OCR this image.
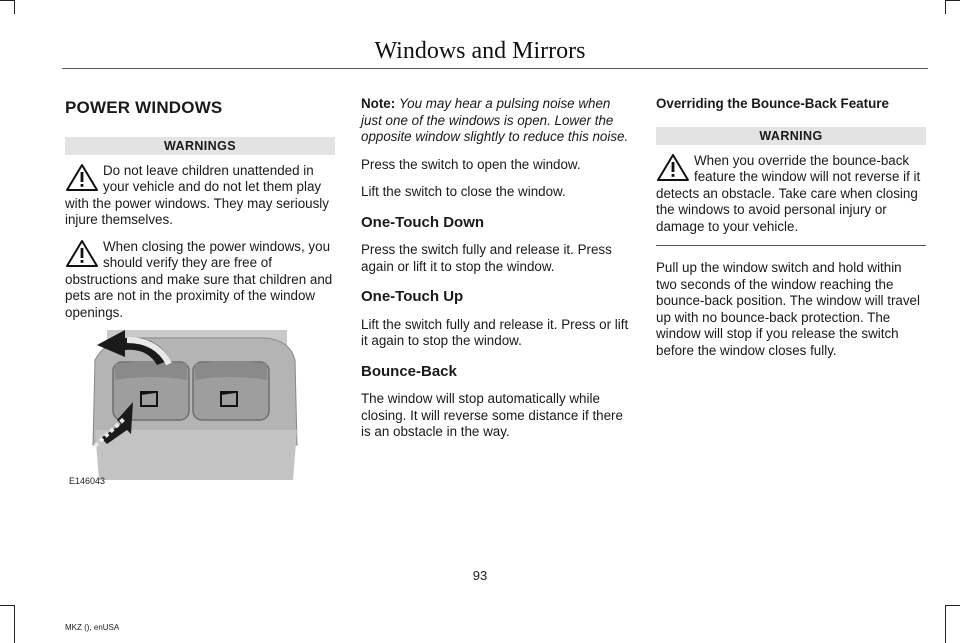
Windows and Mirrors
POWER WINDOWS
WARNINGS

Do not leave children unattended in your vehicle and do not let them play with the power windows. They may seriously injure themselves.

When closing the power windows, you should verify they are free of obstructions and make sure that children and pets are not in the proximity of the window openings.

E146043

Note: You may hear a pulsing noise when just one of the windows is open. Lower the opposite window slightly to reduce this noise.

Press the switch to open the window.

Lift the switch to close the window.

One-Touch Down

Press the switch fully and release it. Press again or lift it to stop the window.

One-Touch Up

Lift the switch fully and release it. Press or lift it again to stop the window.

Bounce-Back

The window will stop automatically while closing. It will reverse some distance if there is an obstacle in the way.

Overriding the Bounce-Back Feature
WARNING

When you override the bounce-back feature the window will not reverse if it detects an obstacle. Take care when closing the windows to avoid personal injury or damage to your vehicle.

Pull up the window switch and hold within two seconds of the window reaching the bounce-back position. The window will travel up with no bounce-back protection. The window will stop if you release the switch before the window closes fully.

93
MKZ (), enUSA
